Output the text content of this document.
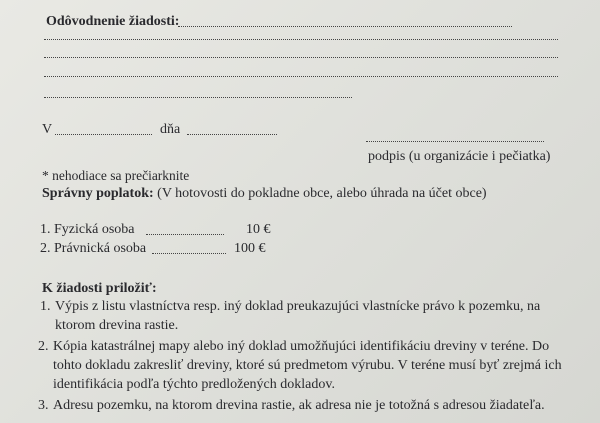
Odôvodnenie žiadosti:
V	dňa
podpis (u organizácie i pečiatka)
* nehodiace sa prečiarknite
Správny poplatok: (V hotovosti do pokladne obce, alebo úhrada na účet obce)
1. Fyzická osoba	10 €
2. Právnická osoba	100 €
K žiadosti priložiť:
1. Výpis z listu vlastníctva resp. iný doklad preukazujúci vlastnícke právo k pozemku, na
ktorom drevina rastie.
2. Kópia katastrálnej mapy alebo iný doklad umožňujúci identifikáciu dreviny v teréne. Do
tohto dokladu zakresliť dreviny, ktoré sú predmetom výrubu. V teréne musí byť zrejmá ich
identifikácia podľa týchto predložených dokladov.
3. Adresu pozemku, na ktorom drevina rastie, ak adresa nie je totožná s adresou žiadateľa.
